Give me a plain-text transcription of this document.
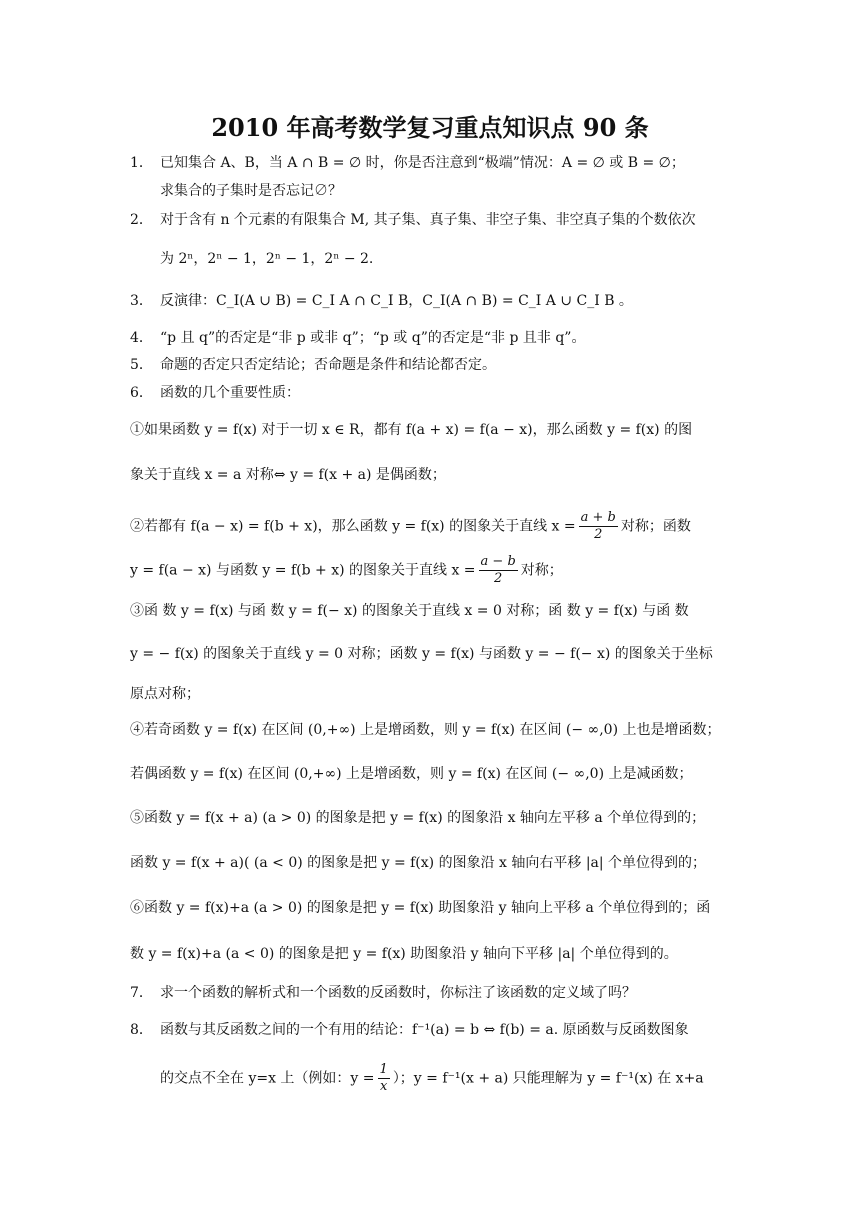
2010 年高考数学复习重点知识点 90 条
1． 已知集合 A、B，当 A ∩ B = ∅ 时，你是否注意到“极端”情况：A = ∅ 或 B = ∅；
求集合的子集时是否忘记∅？
2． 对于含有 n 个元素的有限集合 M, 其子集、真子集、非空子集、非空真子集的个数依次
为 2ⁿ，2ⁿ − 1，2ⁿ − 1，2ⁿ − 2.
3． 反演律：C_I(A ∪ B) = C_I A ∩ C_I B，C_I(A ∩ B) = C_I A ∪ C_I B 。
4． “p 且 q”的否定是“非 p 或非 q”；“p 或 q”的否定是“非 p 且非 q”。
5． 命题的否定只否定结论；否命题是条件和结论都否定。
6． 函数的几个重要性质：
①如果函数 y = f(x) 对于一切 x ∈ R，都有 f(a + x) = f(a − x)，那么函数 y = f(x) 的图
象关于直线 x = a 对称⇔ y = f(x + a) 是偶函数；
②若都有 f(a − x) = f(b + x)，那么函数 y = f(x) 的图象关于直线 $x = \frac{a + b}{2}$ 对称；函数
y = f(a − x) 与函数 y = f(b + x) 的图象关于直线 $x = \frac{a - b}{2}$ 对称；
③函 数 y = f(x) 与函 数 y = f(− x) 的图象关于直线 x = 0 对称；函 数 y = f(x) 与函 数
y = − f(x) 的图象关于直线 y = 0 对称；函数 y = f(x) 与函数 y = − f(− x) 的图象关于坐标
原点对称；
④若奇函数 y = f(x) 在区间 (0,+∞) 上是增函数，则 y = f(x) 在区间 (− ∞,0) 上也是增函数；
若偶函数 y = f(x) 在区间 (0,+∞) 上是增函数，则 y = f(x) 在区间 (− ∞,0) 上是减函数；
⑤函数 y = f(x + a) (a > 0) 的图象是把 y = f(x) 的图象沿 x 轴向左平移 a 个单位得到的；
函数 y = f(x + a)( (a < 0) 的图象是把 y = f(x) 的图象沿 x 轴向右平移 |a| 个单位得到的；
⑥函数 y = f(x)+a (a > 0) 的图象是把 y = f(x) 助图象沿 y 轴向上平移 a 个单位得到的；函
数 y = f(x)+a (a < 0) 的图象是把 y = f(x) 助图象沿 y 轴向下平移 |a| 个单位得到的。
7． 求一个函数的解析式和一个函数的反函数时，你标注了该函数的定义域了吗？
8． 函数与其反函数之间的一个有用的结论：f⁻¹(a) = b ⇔ f(b) = a. 原函数与反函数图象
的交点不全在 y=x 上（例如：$y = \frac{1}{x}$ ）；y = f⁻¹(x + a) 只能理解为 y = f⁻¹(x) 在 x+a
